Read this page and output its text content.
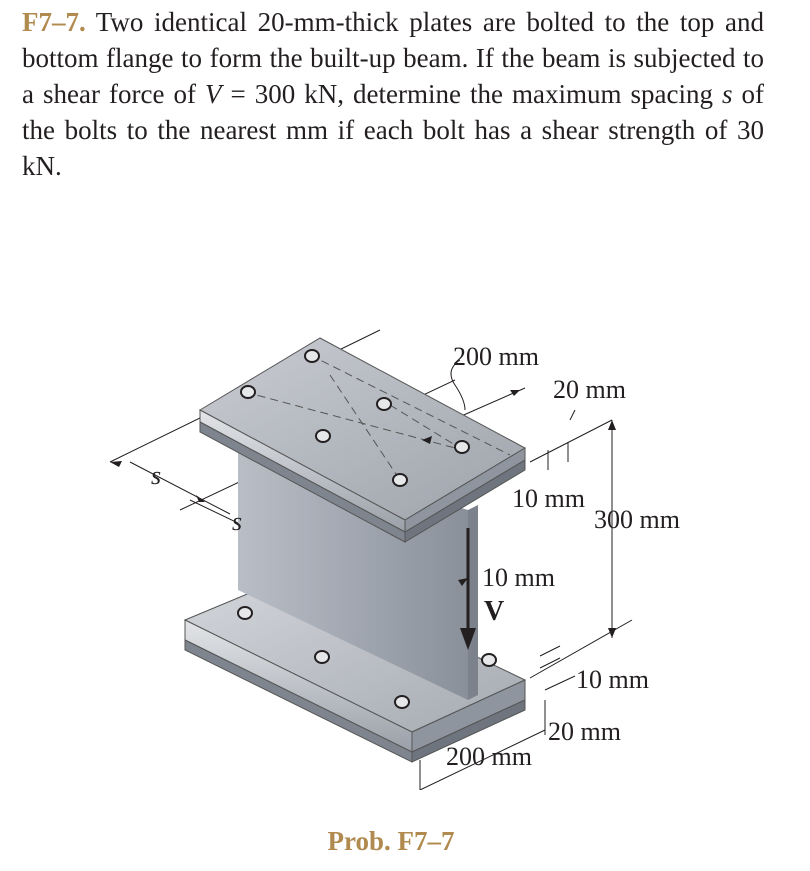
F7–7. Two identical 20-mm-thick plates are bolted to the top and bottom flange to form the built-up beam. If the beam is subjected to a shear force of V = 300 kN, determine the maximum spacing s of the bolts to the nearest mm if each bolt has a shear strength of 30 kN.
200 mm
20 mm
10 mm
300 mm
10 mm
V
10 mm
20 mm
200 mm
s
s
Prob. F7–7
